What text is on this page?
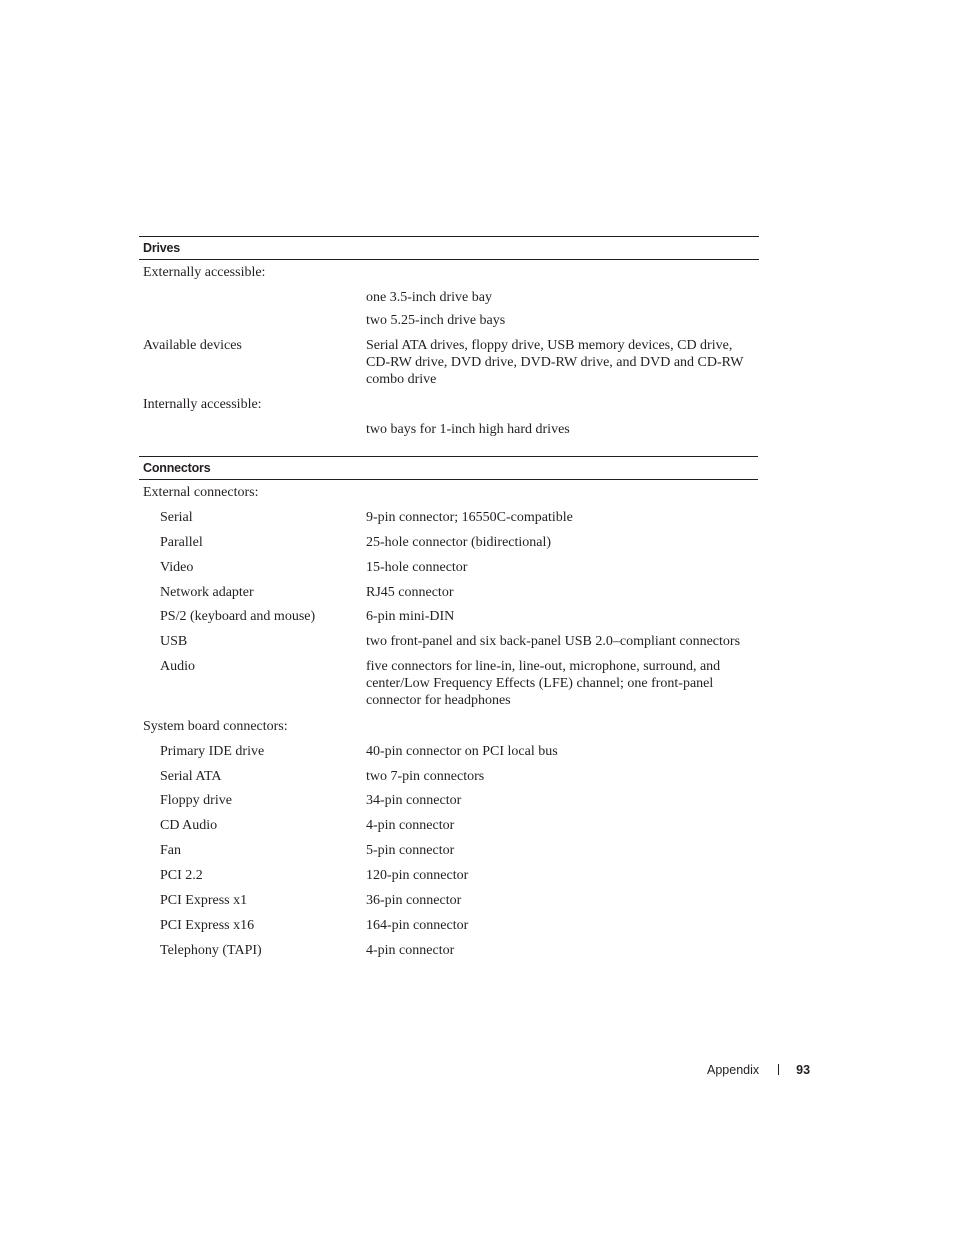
Drives
Externally accessible:
one 3.5-inch drive bay
two 5.25-inch drive bays
Available devices	Serial ATA drives, floppy drive, USB memory devices, CD drive, CD-RW drive, DVD drive, DVD-RW drive, and DVD and CD-RW combo drive
Internally accessible:
two bays for 1-inch high hard drives
Connectors
External connectors:
Serial	9-pin connector; 16550C-compatible
Parallel	25-hole connector (bidirectional)
Video	15-hole connector
Network adapter	RJ45 connector
PS/2 (keyboard and mouse)	6-pin mini-DIN
USB	two front-panel and six back-panel USB 2.0–compliant connectors
Audio	five connectors for line-in, line-out, microphone, surround, and center/Low Frequency Effects (LFE) channel; one front-panel connector for headphones
System board connectors:
Primary IDE drive	40-pin connector on PCI local bus
Serial ATA	two 7-pin connectors
Floppy drive	34-pin connector
CD Audio	4-pin connector
Fan	5-pin connector
PCI 2.2	120-pin connector
PCI Express x1	36-pin connector
PCI Express x16	164-pin connector
Telephony (TAPI)	4-pin connector
Appendix	93
